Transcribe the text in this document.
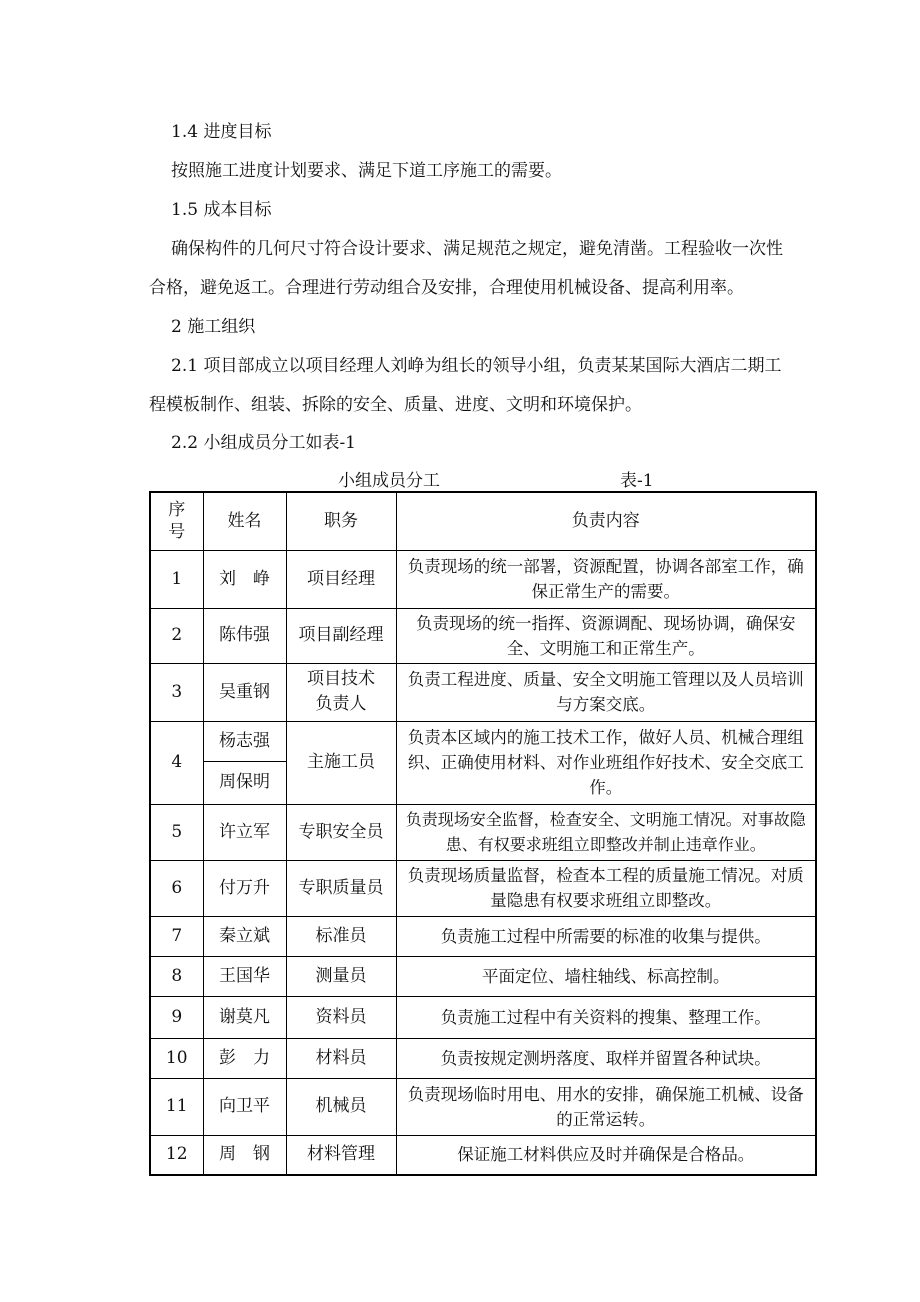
1.4 进度目标
按照施工进度计划要求、满足下道工序施工的需要。
1.5 成本目标
确保构件的几何尺寸符合设计要求、满足规范之规定，避免清凿。工程验收一次性
合格，避免返工。合理进行劳动组合及安排，合理使用机械设备、提高利用率。
2 施工组织
2.1 项目部成立以项目经理人刘峥为组长的领导小组，负责某某国际大酒店二期工
程模板制作、组装、拆除的安全、质量、进度、文明和环境保护。
2.2 小组成员分工如表-1
小组成员分工	表-1
序号	姓名	职务	负责内容
1	刘　峥	项目经理	负责现场的统一部署，资源配置，协调各部室工作，确保正常生产的需要。
2	陈伟强	项目副经理	负责现场的统一指挥、资源调配、现场协调，确保安全、文明施工和正常生产。
3	吴重钢	项目技术负责人	负责工程进度、质量、安全文明施工管理以及人员培训与方案交底。
4	杨志强	主施工员	负责本区域内的施工技术工作，做好人员、机械合理组织、正确使用材料、对作业班组作好技术、安全交底工作。
	周保明		
5	许立军	专职安全员	负责现场安全监督，检查安全、文明施工情况。对事故隐患、有权要求班组立即整改并制止违章作业。
6	付万升	专职质量员	负责现场质量监督，检查本工程的质量施工情况。对质量隐患有权要求班组立即整改。
7	秦立斌	标准员	负责施工过程中所需要的标准的收集与提供。
8	王国华	测量员	平面定位、墙柱轴线、标高控制。
9	谢莫凡	资料员	负责施工过程中有关资料的搜集、整理工作。
10	彭　力	材料员	负责按规定测坍落度、取样并留置各种试块。
11	向卫平	机械员	负责现场临时用电、用水的安排，确保施工机械、设备的正常运转。
12	周　钢	材料管理	保证施工材料供应及时并确保是合格品。
